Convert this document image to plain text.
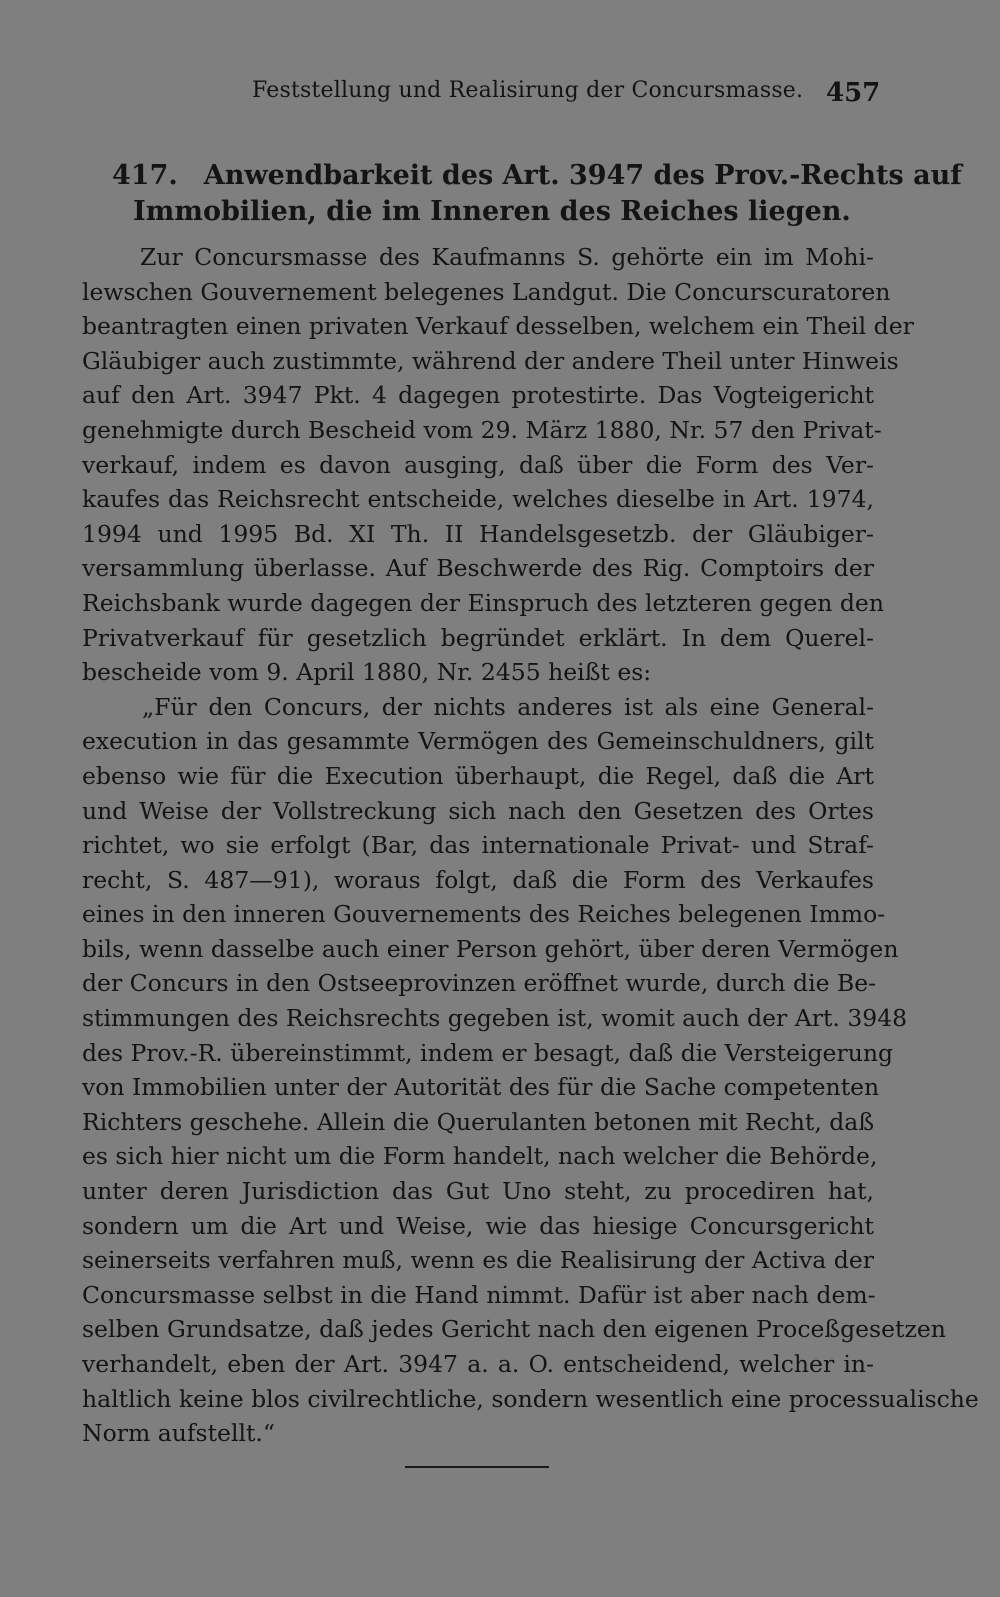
Feststellung und Realisirung der Concursmasse. 457
417. Anwendbarkeit des Art. 3947 des Prov.-Rechts auf
Immobilien, die im Inneren des Reiches liegen.
Zur Concursmasse des Kaufmanns S. gehörte ein im Mohi-
lewschen Gouvernement belegenes Landgut. Die Concurscuratoren
beantragten einen privaten Verkauf desselben, welchem ein Theil der
Gläubiger auch zustimmte, während der andere Theil unter Hinweis
auf den Art. 3947 Pkt. 4 dagegen protestirte. Das Vogteigericht
genehmigte durch Bescheid vom 29. März 1880, Nr. 57 den Privat-
verkauf, indem es davon ausging, daß über die Form des Ver-
kaufes das Reichsrecht entscheide, welches dieselbe in Art. 1974,
1994 und 1995 Bd. XI Th. II Handelsgesetzb. der Gläubiger-
versammlung überlasse. Auf Beschwerde des Rig. Comptoirs der
Reichsbank wurde dagegen der Einspruch des letzteren gegen den
Privatverkauf für gesetzlich begründet erklärt. In dem Querel-
bescheide vom 9. April 1880, Nr. 2455 heißt es:
„Für den Concurs, der nichts anderes ist als eine General-
execution in das gesammte Vermögen des Gemeinschuldners, gilt
ebenso wie für die Execution überhaupt, die Regel, daß die Art
und Weise der Vollstreckung sich nach den Gesetzen des Ortes
richtet, wo sie erfolgt (Bar, das internationale Privat- und Straf-
recht, S. 487—91), woraus folgt, daß die Form des Verkaufes
eines in den inneren Gouvernements des Reiches belegenen Immo-
bils, wenn dasselbe auch einer Person gehört, über deren Vermögen
der Concurs in den Ostseeprovinzen eröffnet wurde, durch die Be-
stimmungen des Reichsrechts gegeben ist, womit auch der Art. 3948
des Prov.-R. übereinstimmt, indem er besagt, daß die Versteigerung
von Immobilien unter der Autorität des für die Sache competenten
Richters geschehe. Allein die Querulanten betonen mit Recht, daß
es sich hier nicht um die Form handelt, nach welcher die Behörde,
unter deren Jurisdiction das Gut Uno steht, zu procediren hat,
sondern um die Art und Weise, wie das hiesige Concursgericht
seinerseits verfahren muß, wenn es die Realisirung der Activa der
Concursmasse selbst in die Hand nimmt. Dafür ist aber nach dem-
selben Grundsatze, daß jedes Gericht nach den eigenen Proceßgesetzen
verhandelt, eben der Art. 3947 a. a. O. entscheidend, welcher in-
haltlich keine blos civilrechtliche, sondern wesentlich eine processualische
Norm aufstellt.“
